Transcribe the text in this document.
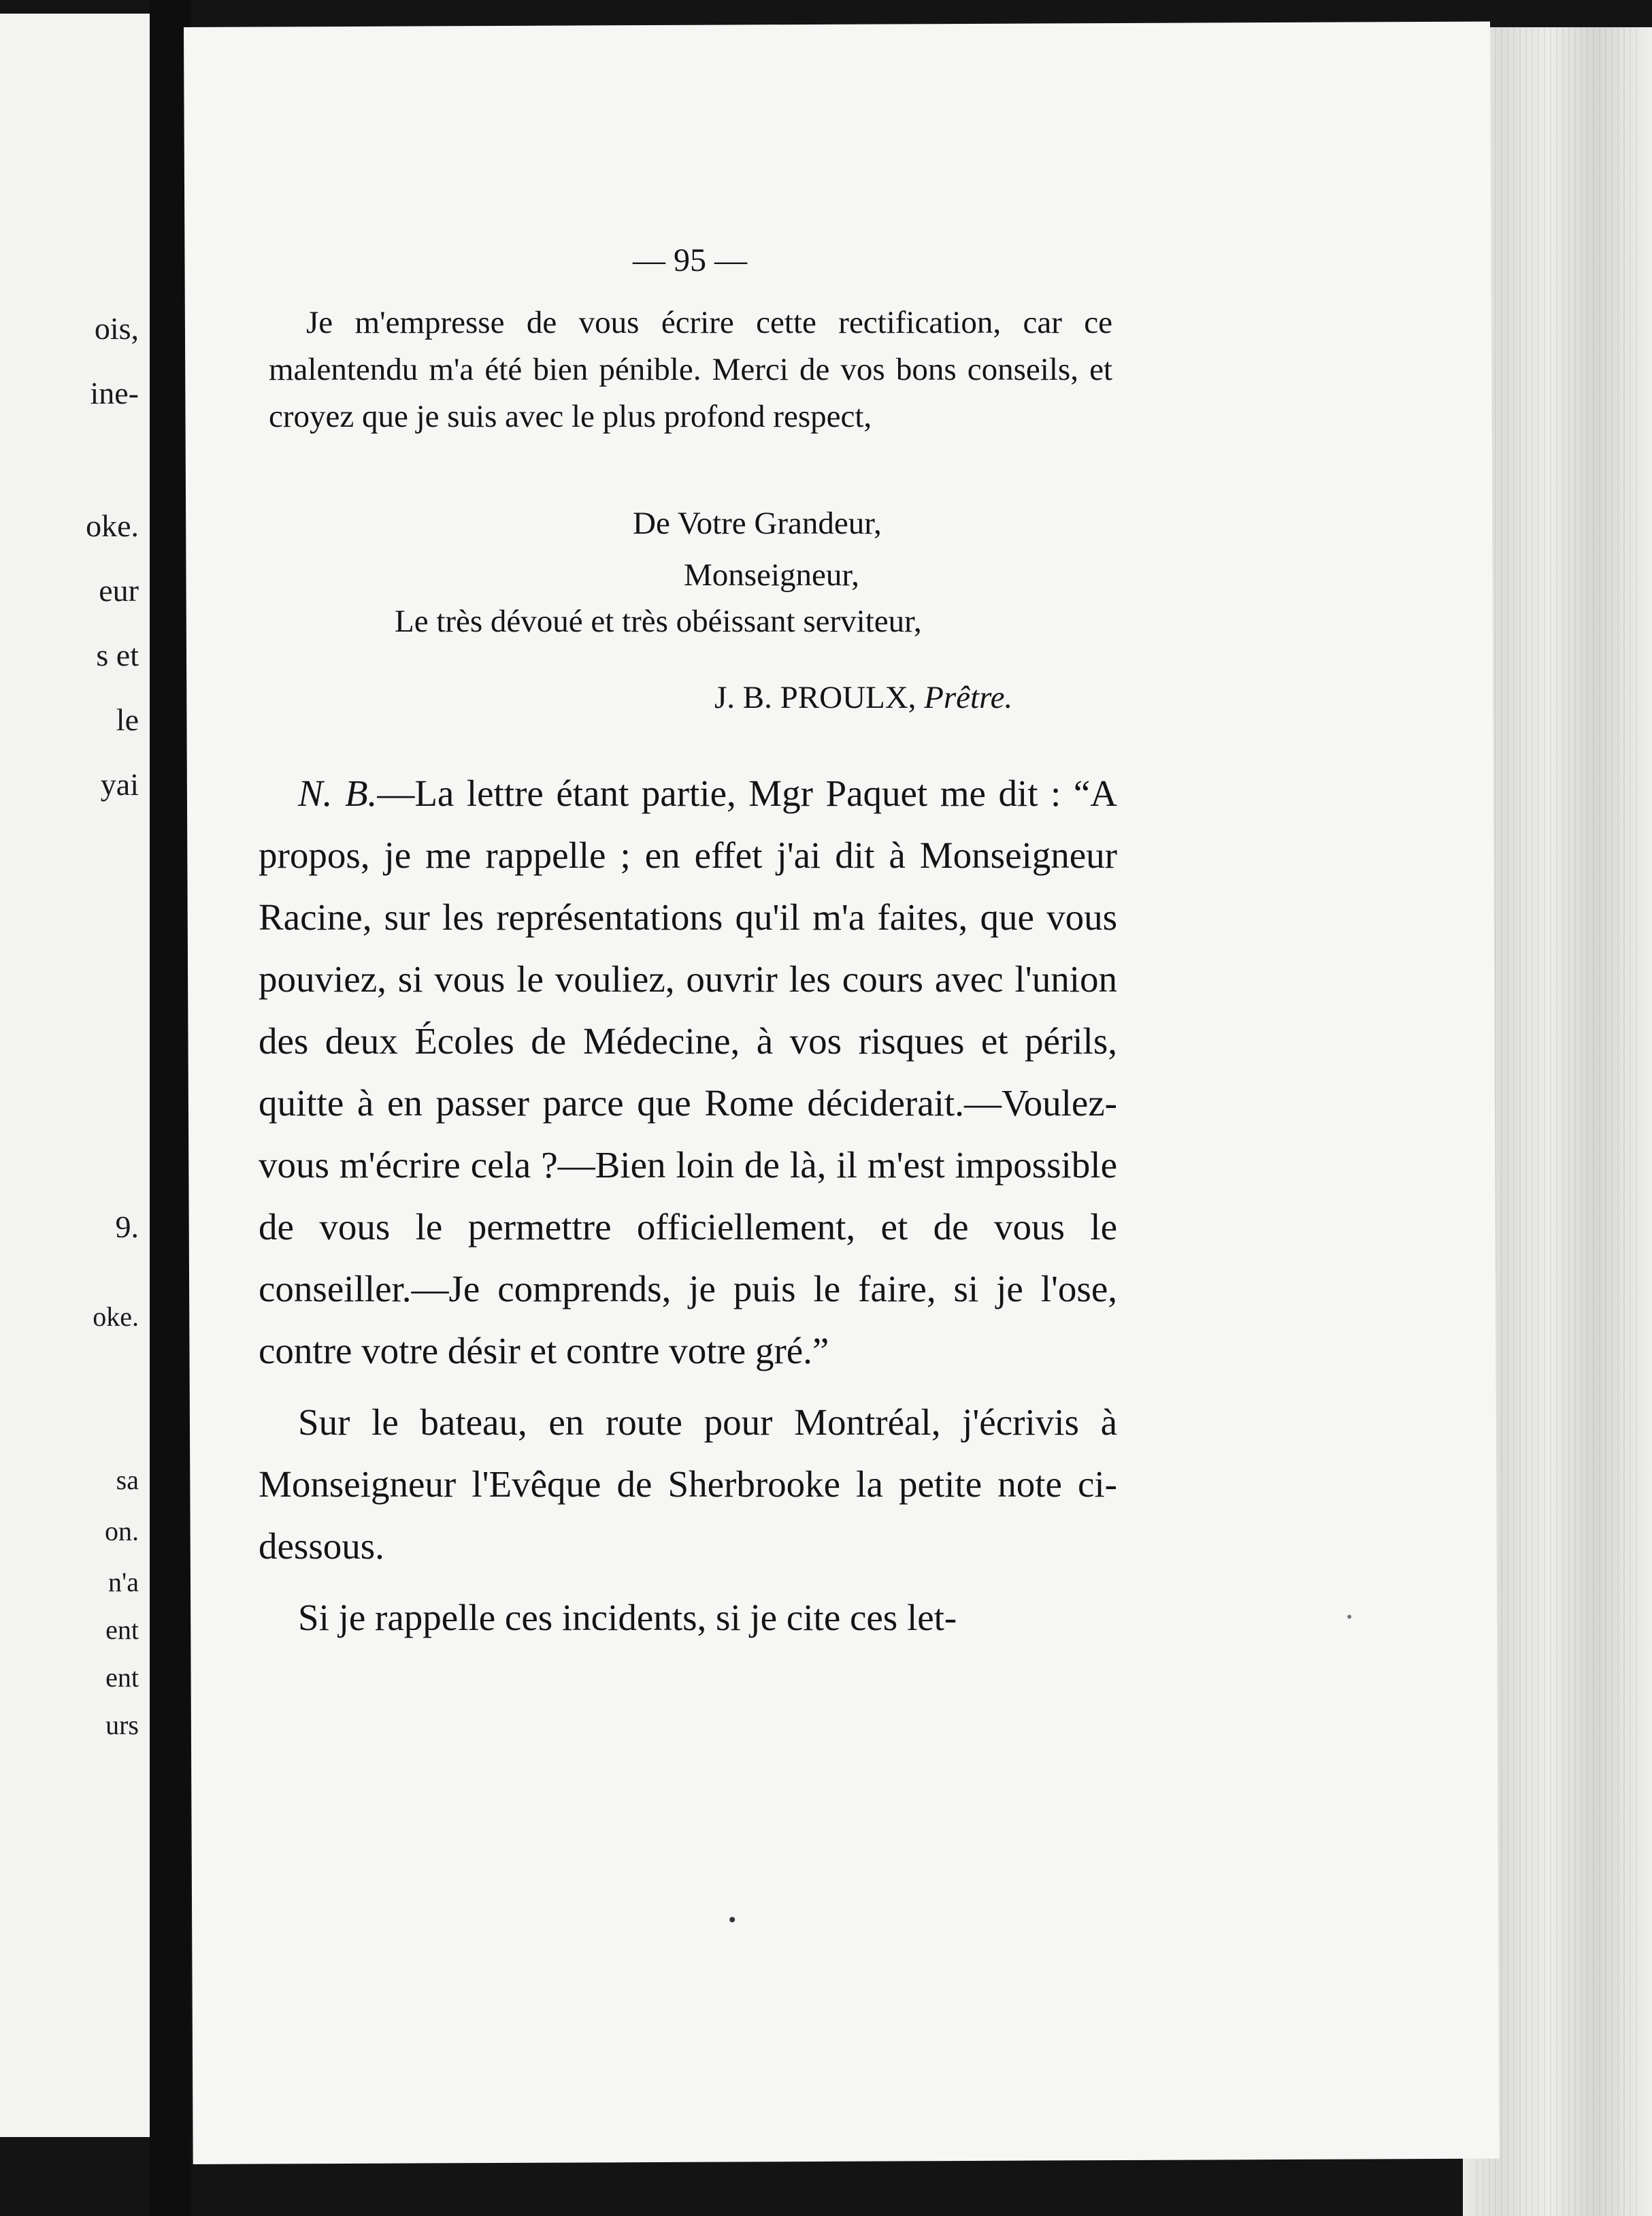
ois,
ine-
oke.
eur
s et
le
yai
9.
oke.
sa
on.
n'a
ent
ent
urs
— 95 —

Je m'empresse de vous écrire cette rectification, car ce malentendu m'a été bien pénible. Merci de vos bons conseils, et croyez que je suis avec le plus profond respect,

De Votre Grandeur,
Monseigneur,
Le très dévoué et très obéissant serviteur,
J. B. PROULX, Prêtre.

N. B.—La lettre étant partie, Mgr Paquet me dit : “A propos, je me rappelle ; en effet j'ai dit à Monseigneur Racine, sur les représentations qu'il m'a faites, que vous pouviez, si vous le vouliez, ouvrir les cours avec l'union des deux Écoles de Médecine, à vos risques et périls, quitte à en passer parce que Rome déciderait.—Voulez-vous m'écrire cela ?—Bien loin de là, il m'est impossible de vous le permettre officiellement, et de vous le conseiller.—Je comprends, je puis le faire, si je l'ose, contre votre désir et contre votre gré.”

Sur le bateau, en route pour Montréal, j'écrivis à Monseigneur l'Evêque de Sherbrooke la petite note ci-dessous.

Si je rappelle ces incidents, si je cite ces let-
